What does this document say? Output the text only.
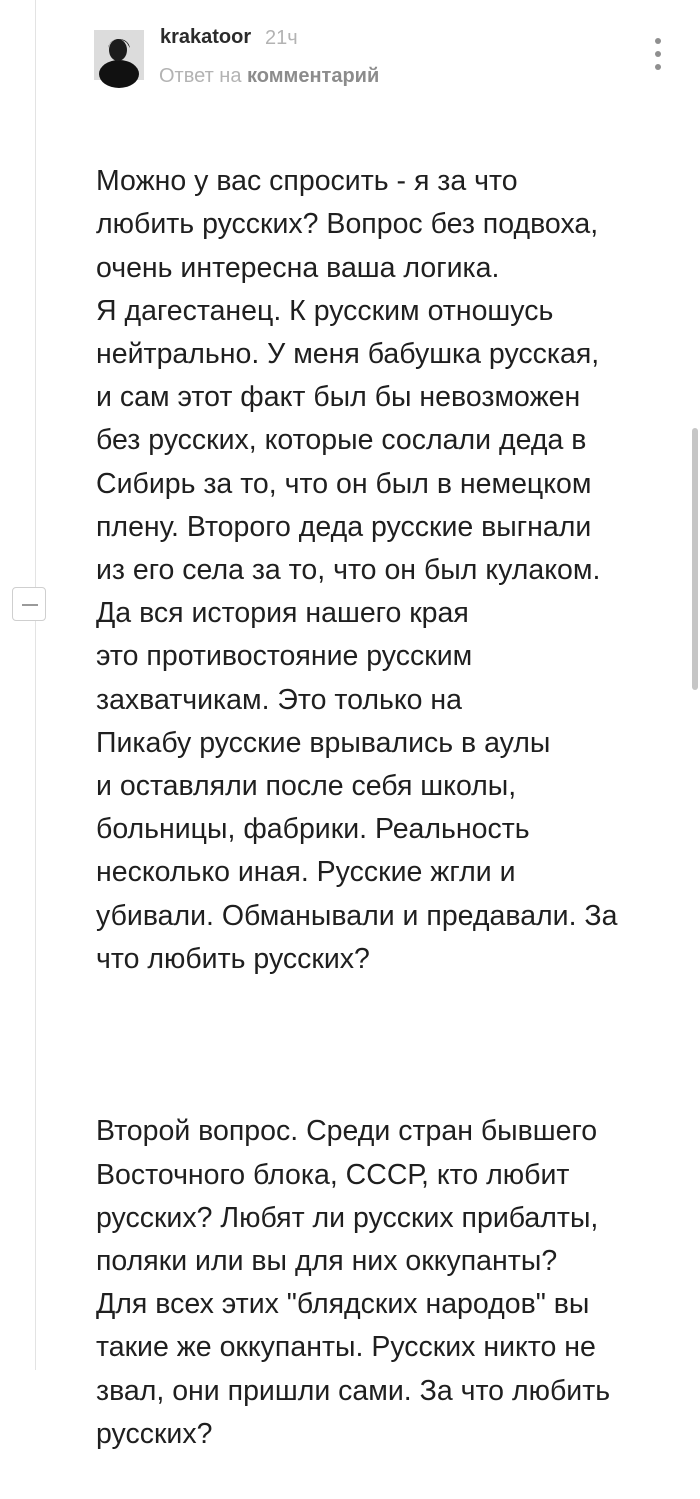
krakatoor 21ч
Ответ на комментарий

Можно у вас спросить - я за что
любить русских? Вопрос без подвоха,
очень интересна ваша логика.
Я дагестанец. К русским отношусь
нейтрально. У меня бабушка русская,
и сам этот факт был бы невозможен
без русских, которые сослали деда в
Сибирь за то, что он был в немецком
плену. Второго деда русские выгнали
из его села за то, что он был кулаком.
Да вся история нашего края
это противостояние русским
захватчикам. Это только на
Пикабу русские врывались в аулы
и оставляли после себя школы,
больницы, фабрики. Реальность
несколько иная. Русские жгли и
убивали. Обманывали и предавали. За
что любить русских?

Второй вопрос. Среди стран бывшего
Восточного блока, СССР, кто любит
русских? Любят ли русских прибалты,
поляки или вы для них оккупанты?
Для всех этих "блядских народов" вы
такие же оккупанты. Русских никто не
звал, они пришли сами. За что любить
русских?
